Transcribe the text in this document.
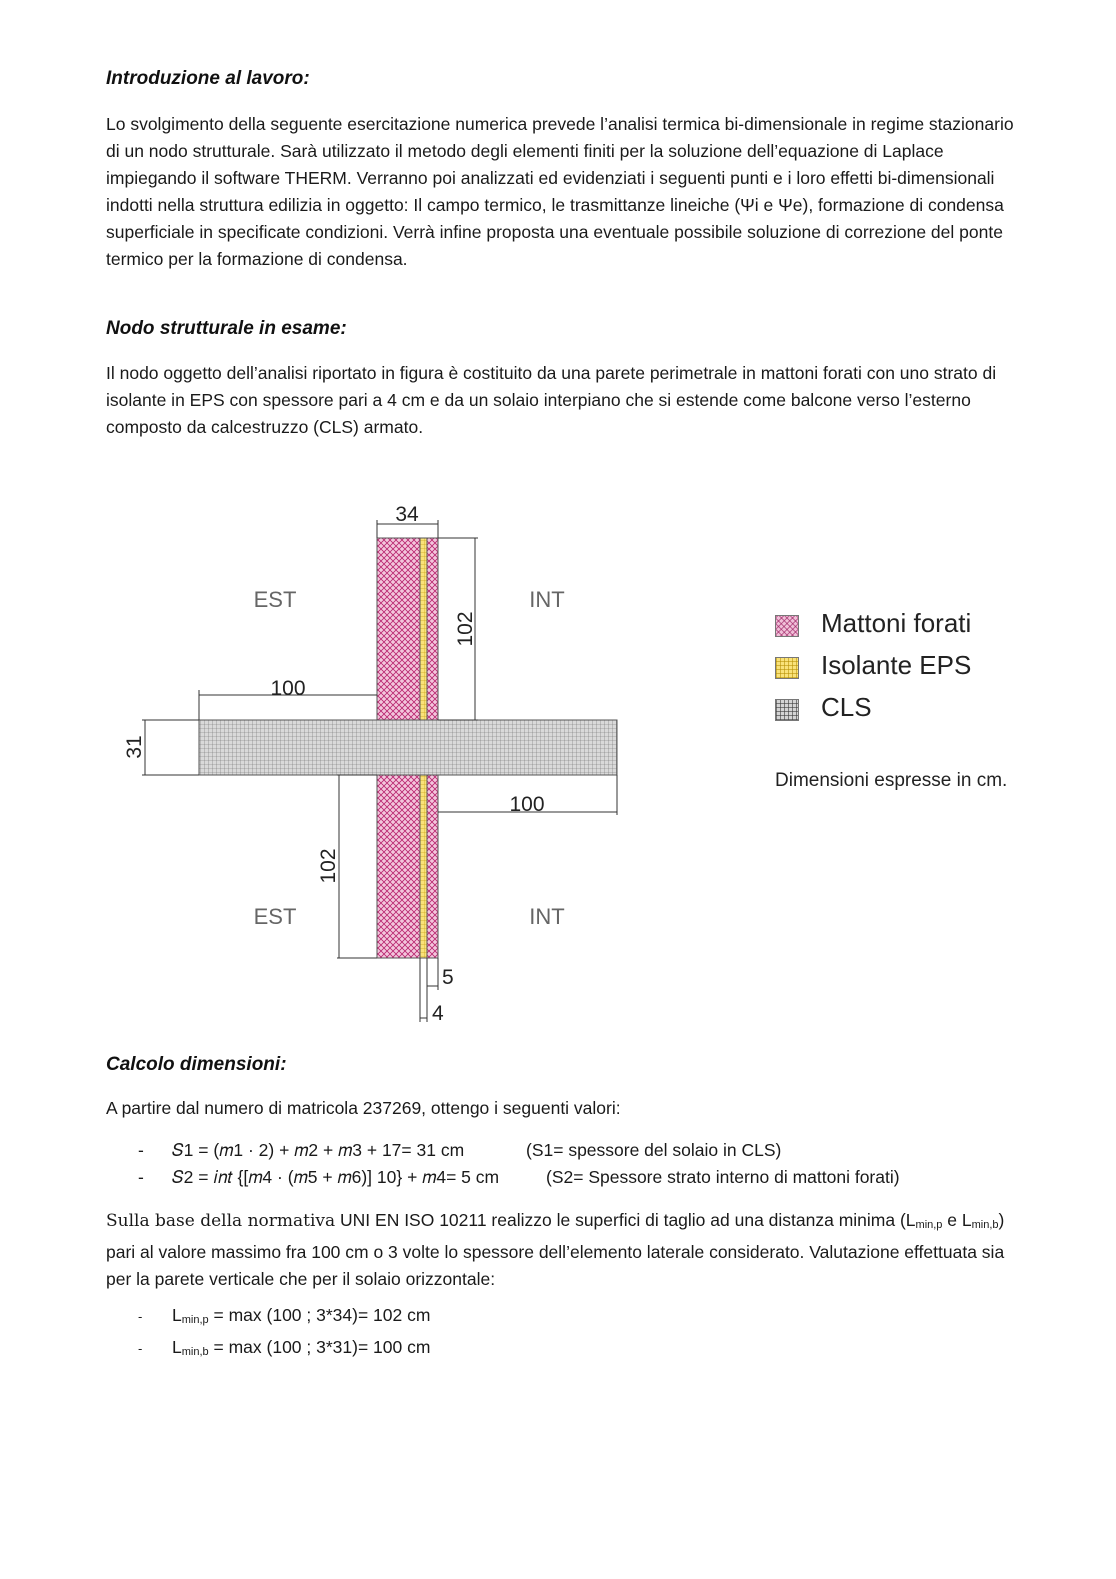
Introduzione al lavoro:

Lo svolgimento della seguente esercitazione numerica prevede l’analisi termica bi-dimensionale in regime stazionario di un nodo strutturale. Sarà utilizzato il metodo degli elementi finiti per la soluzione dell’equazione di Laplace impiegando il software THERM. Verranno poi analizzati ed evidenziati i seguenti punti e i loro effetti bi-dimensionali indotti nella struttura edilizia in oggetto: Il campo termico, le trasmittanze lineiche (Ψi e Ψe), formazione di condensa superficiale in specificate condizioni. Verrà infine proposta una eventuale possibile soluzione di correzione del ponte termico per la formazione di condensa.

Nodo strutturale in esame:

Il nodo oggetto dell’analisi riportato in figura è costituito da una parete perimetrale in mattoni forati con uno strato di isolante in EPS con spessore pari a 4 cm e da un solaio interpiano che si estende come balcone verso l’esterno composto da calcestruzzo (CLS) armato.

34
102
100
31
100
102
5
4
EST	INT
EST	INT
Mattoni forati
Isolante EPS
CLS
Dimensioni espresse in cm.
Calcolo dimensioni:

A partire dal numero di matricola 237269, ottengo i seguenti valori:

- 𝑆1 = (𝑚1 · 2) + 𝑚2 + 𝑚3 + 17= 31 cm	(S1= spessore del solaio in CLS)
- 𝑆2 = 𝑖𝑛𝑡 {[𝑚4 · (𝑚5 + 𝑚6)] 10} + 𝑚4= 5 cm	(S2= Spessore strato interno di mattoni forati)

Sulla base della normativa UNI EN ISO 10211 realizzo le superfici di taglio ad una distanza minima ($L_{min,p}$ e $L_{min,b}$) pari al valore massimo fra 100 cm o 3 volte lo spessore dell’elemento laterale considerato. Valutazione effettuata sia per la parete verticale che per il solaio orizzontale:

- $L_{min,p} = \max (100$ ; 3*34)= 102 cm
- $L_{min,b} = \max (100$ ; 3*31)= 100 cm
